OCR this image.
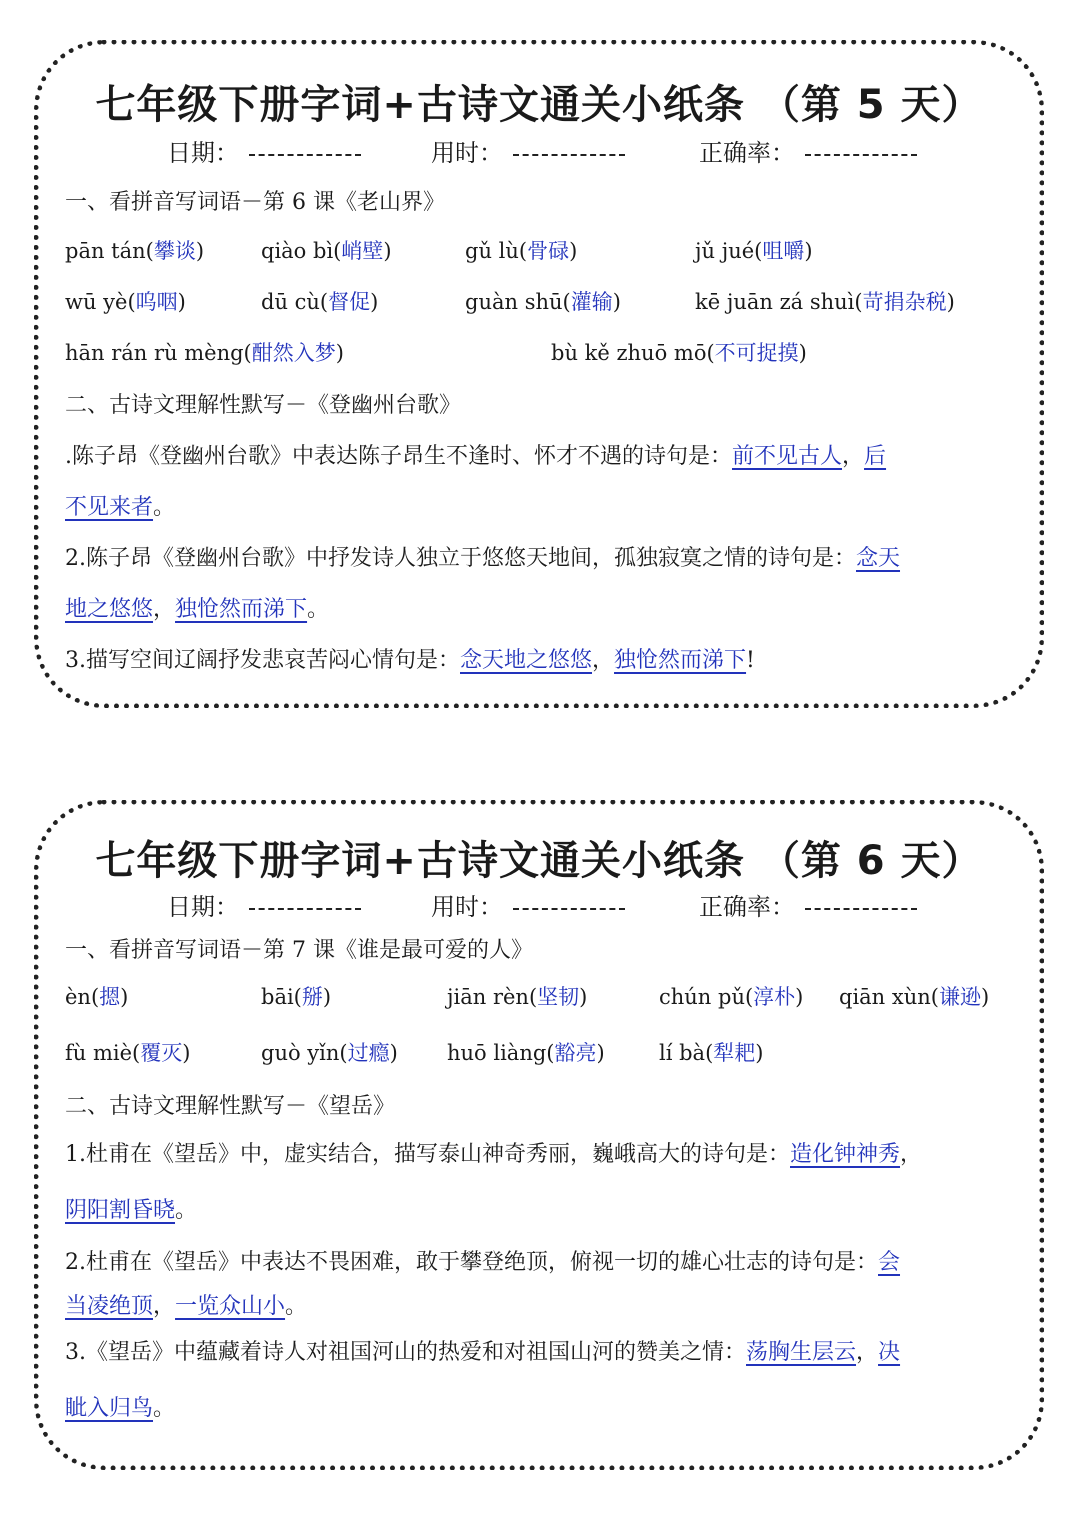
七年级下册字词+古诗文通关小纸条 （第 5 天）
日期：	用时：	正确率：
一、看拼音写词语－第 6 课《老山界》
pān tán(攀谈)	qiào bì(峭壁)	gǔ lù(骨碌)	jǔ jué(咀嚼)
wū yè(呜咽)	dū cù(督促)	guàn shū(灌输)	kē juān zá shuì(苛捐杂税)
hān rán rù mèng(酣然入梦)	bù kě zhuō mō(不可捉摸)
二、古诗文理解性默写－《登幽州台歌》
.陈子昂《登幽州台歌》中表达陈子昂生不逢时、怀才不遇的诗句是：前不见古人，后
不见来者。
2.陈子昂《登幽州台歌》中抒发诗人独立于悠悠天地间，孤独寂寞之情的诗句是：念天
地之悠悠，独怆然而涕下。
3.描写空间辽阔抒发悲哀苦闷心情句是：念天地之悠悠，独怆然而涕下!
七年级下册字词+古诗文通关小纸条 （第 6 天）
日期：	用时：	正确率：
一、看拼音写词语－第 7 课《谁是最可爱的人》
èn(摁)	bāi(掰)	jiān rèn(坚韧)	chún pǔ(淳朴) qiān xùn(谦逊)
fù miè(覆灭)	guò yǐn(过瘾) huō liàng(豁亮)	lí bà(犁耙)
二、古诗文理解性默写－《望岳》
1.杜甫在《望岳》中，虚实结合，描写泰山神奇秀丽，巍峨高大的诗句是：造化钟神秀，
阴阳割昏晓。
2.杜甫在《望岳》中表达不畏困难，敢于攀登绝顶，俯视一切的雄心壮志的诗句是：会
当凌绝顶，一览众山小。
3.《望岳》中蕴藏着诗人对祖国河山的热爱和对祖国山河的赞美之情：荡胸生层云，决
眦入归鸟。
